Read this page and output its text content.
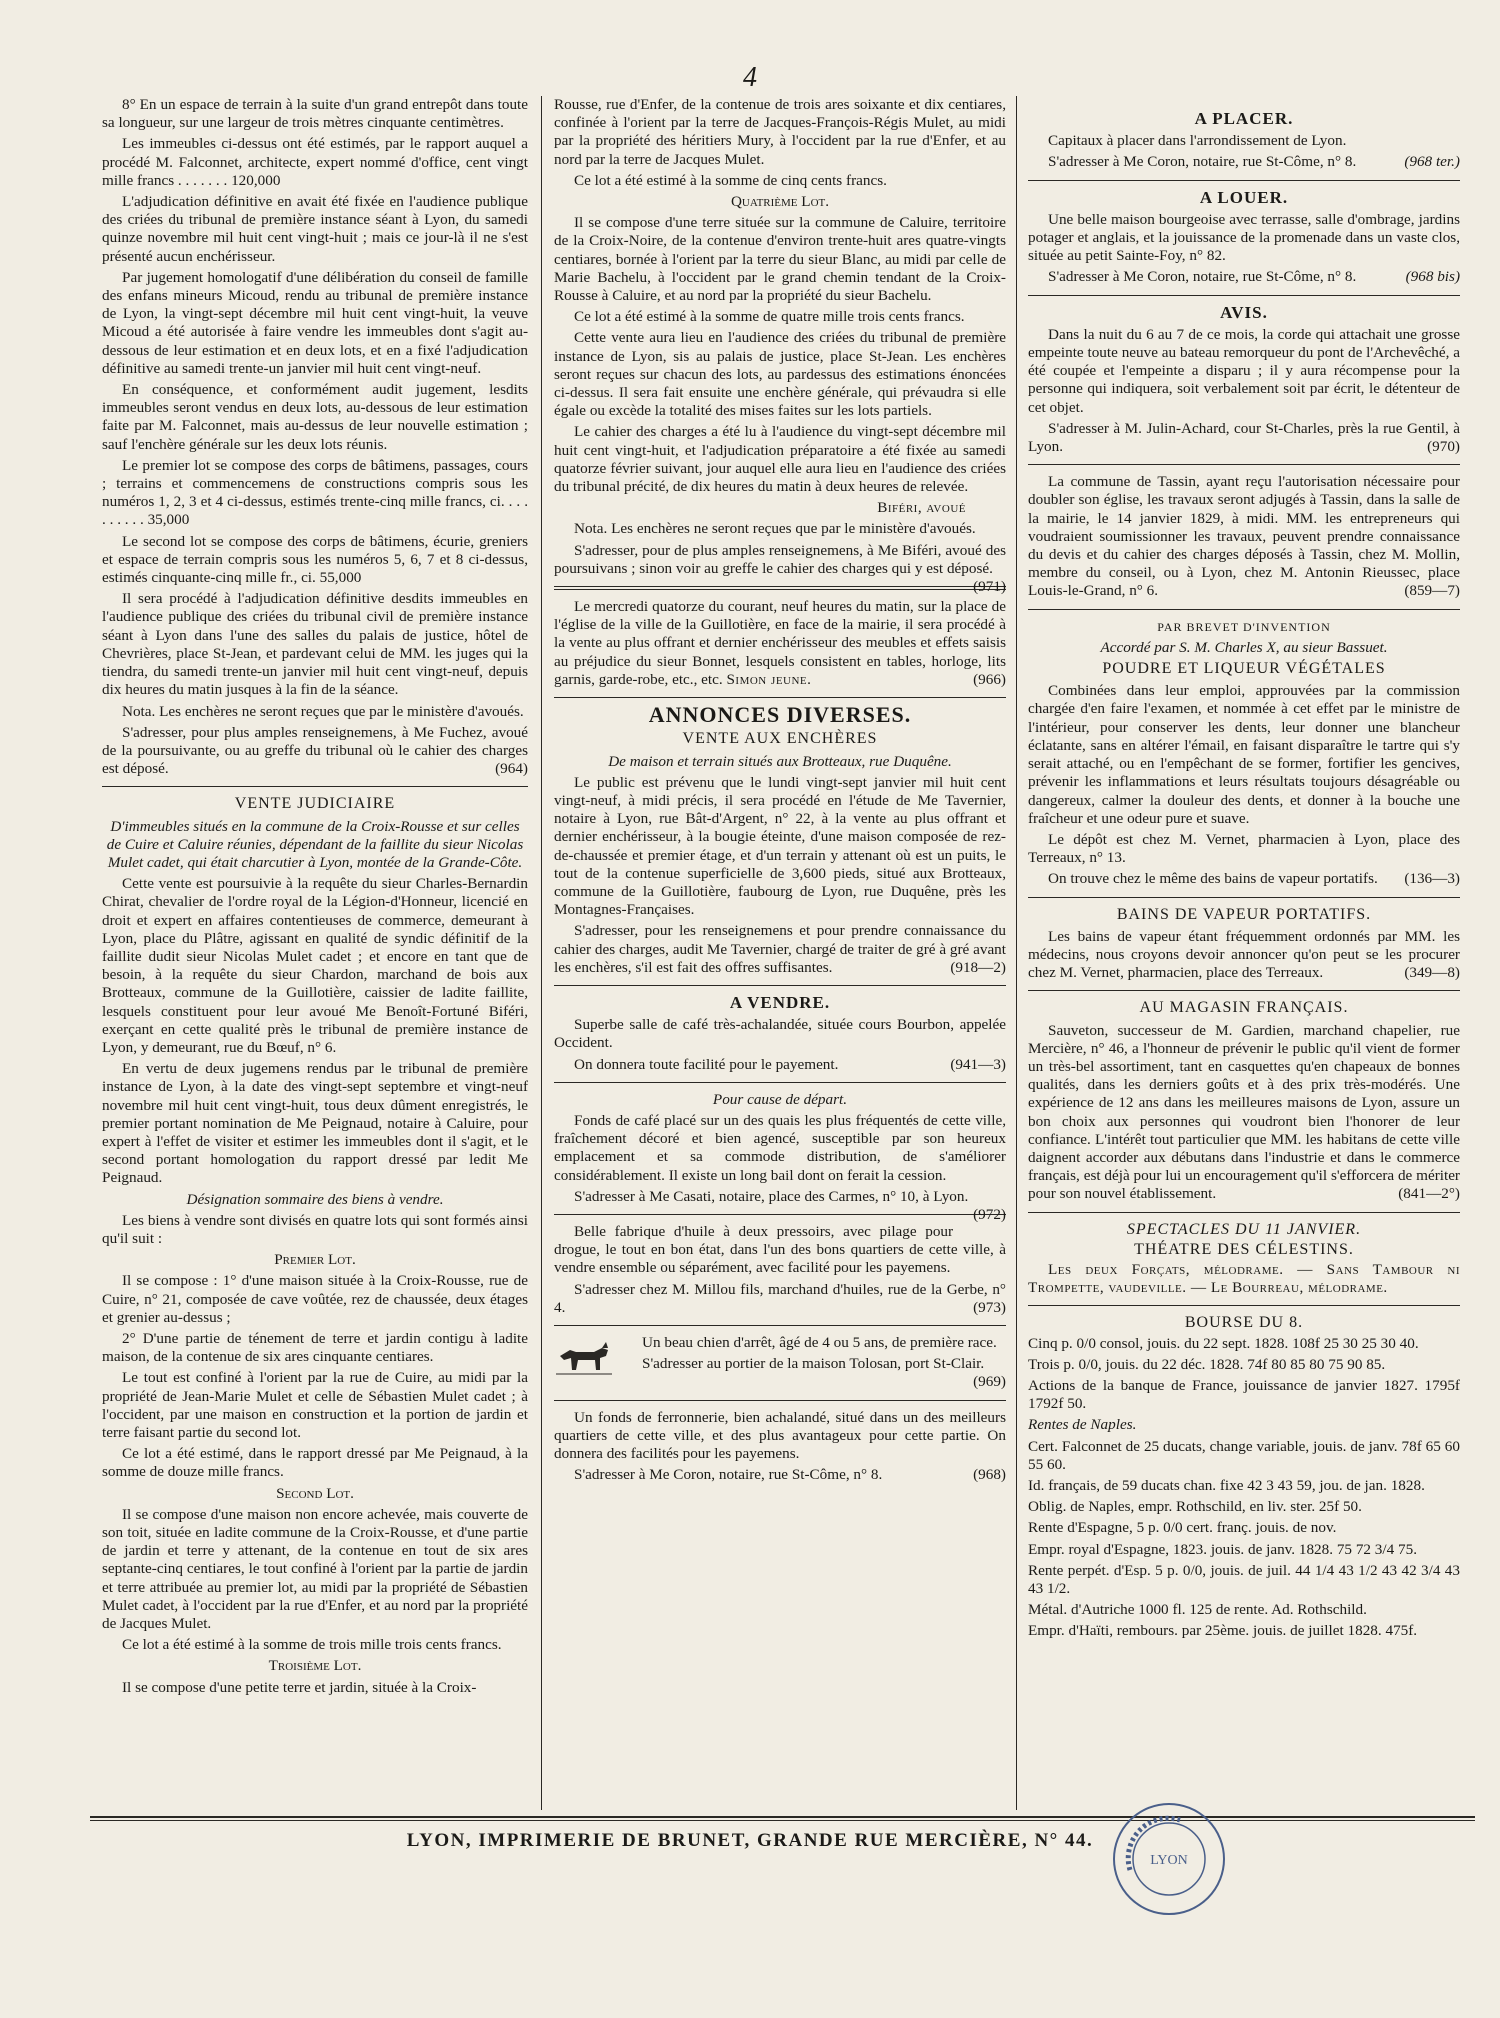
4

8° En un espace de terrain à la suite d'un grand entrepôt dans toute sa longueur, sur une largeur de trois mètres cinquante centimètres.

Les immeubles ci-dessus ont été estimés, par le rapport auquel a procédé M. Falconnet, architecte, expert nommé d'office, cent vingt mille francs . . . . . . . 120,000

L'adjudication définitive en avait été fixée en l'audience publique des criées du tribunal de première instance séant à Lyon, du samedi quinze novembre mil huit cent vingt-huit ; mais ce jour-là il ne s'est présenté aucun enchérisseur.

Par jugement homologatif d'une délibération du conseil de famille des enfans mineurs Micoud, rendu au tribunal de première instance de Lyon, la vingt-sept décembre mil huit cent vingt-huit, la veuve Micoud a été autorisée à faire vendre les immeubles dont s'agit au-dessous de leur estimation et en deux lots, et en a fixé l'adjudication définitive au samedi trente-un janvier mil huit cent vingt-neuf.

En conséquence, et conformément audit jugement, lesdits immeubles seront vendus en deux lots, au-dessous de leur estimation faite par M. Falconnet, mais au-dessus de leur nouvelle estimation ; sauf l'enchère générale sur les deux lots réunis.

Le premier lot se compose des corps de bâtimens, passages, cours ; terrains et commencemens de constructions compris sous les numéros 1, 2, 3 et 4 ci-dessus, estimés trente-cinq mille francs, ci. . . . . . . . . . 35,000

Le second lot se compose des corps de bâtimens, écurie, greniers et espace de terrain compris sous les numéros 5, 6, 7 et 8 ci-dessus, estimés cinquante-cinq mille fr., ci. 55,000

Il sera procédé à l'adjudication définitive desdits immeubles en l'audience publique des criées du tribunal civil de première instance séant à Lyon dans l'une des salles du palais de justice, hôtel de Chevrières, place St-Jean, et pardevant celui de MM. les juges qui la tiendra, du samedi trente-un janvier mil huit cent vingt-neuf, depuis dix heures du matin jusques à la fin de la séance.

Nota. Les enchères ne seront reçues que par le ministère d'avoués.

S'adresser, pour plus amples renseignemens, à Me Fuchez, avoué de la poursuivante, ou au greffe du tribunal où le cahier des charges est déposé.	(964)

VENTE JUDICIAIRE

D'immeubles situés en la commune de la Croix-Rousse et sur celles de Cuire et Caluire réunies, dépendant de la faillite du sieur Nicolas Mulet cadet, qui était charcutier à Lyon, montée de la Grande-Côte.

Cette vente est poursuivie à la requête du sieur Charles-Bernardin Chirat, chevalier de l'ordre royal de la Légion-d'Honneur, licencié en droit et expert en affaires contentieuses de commerce, demeurant à Lyon, place du Plâtre, agissant en qualité de syndic définitif de la faillite dudit sieur Nicolas Mulet cadet ; et encore en tant que de besoin, à la requête du sieur Chardon, marchand de bois aux Brotteaux, commune de la Guillotière, caissier de ladite faillite, lesquels constituent pour leur avoué Me Benoît-Fortuné Biféri, exerçant en cette qualité près le tribunal de première instance de Lyon, y demeurant, rue du Bœuf, n° 6.

En vertu de deux jugemens rendus par le tribunal de première instance de Lyon, à la date des vingt-sept septembre et vingt-neuf novembre mil huit cent vingt-huit, tous deux dûment enregistrés, le premier portant nomination de Me Peignaud, notaire à Caluire, pour expert à l'effet de visiter et estimer les immeubles dont il s'agit, et le second portant homologation du rapport dressé par ledit Me Peignaud.

Désignation sommaire des biens à vendre.

Les biens à vendre sont divisés en quatre lots qui sont formés ainsi qu'il suit :

Premier Lot.

Il se compose : 1° d'une maison située à la Croix-Rousse, rue de Cuire, n° 21, composée de cave voûtée, rez de chaussée, deux étages et grenier au-dessus ;

2° D'une partie de ténement de terre et jardin contigu à ladite maison, de la contenue de six ares cinquante centiares.

Le tout est confiné à l'orient par la rue de Cuire, au midi par la propriété de Jean-Marie Mulet et celle de Sébastien Mulet cadet ; à l'occident, par une maison en construction et la portion de jardin et terre faisant partie du second lot.

Ce lot a été estimé, dans le rapport dressé par Me Peignaud, à la somme de douze mille francs.

Second Lot.

Il se compose d'une maison non encore achevée, mais couverte de son toit, située en ladite commune de la Croix-Rousse, et d'une partie de jardin et terre y attenant, de la contenue en tout de six ares septante-cinq centiares, le tout confiné à l'orient par la partie de jardin et terre attribuée au premier lot, au midi par la propriété de Sébastien Mulet cadet, à l'occident par la rue d'Enfer, et au nord par la propriété de Jacques Mulet.

Ce lot a été estimé à la somme de trois mille trois cents francs.

Troisième Lot.

Il se compose d'une petite terre et jardin, située à la Croix-

Rousse, rue d'Enfer, de la contenue de trois ares soixante et dix centiares, confinée à l'orient par la terre de Jacques-François-Régis Mulet, au midi par la propriété des héritiers Mury, à l'occident par la rue d'Enfer, et au nord par la terre de Jacques Mulet.

Ce lot a été estimé à la somme de cinq cents francs.

Quatrième Lot.

Il se compose d'une terre située sur la commune de Caluire, territoire de la Croix-Noire, de la contenue d'environ trente-huit ares quatre-vingts centiares, bornée à l'orient par la terre du sieur Blanc, au midi par celle de Marie Bachelu, à l'occident par le grand chemin tendant de la Croix-Rousse à Caluire, et au nord par la propriété du sieur Bachelu.

Ce lot a été estimé à la somme de quatre mille trois cents francs.

Cette vente aura lieu en l'audience des criées du tribunal de première instance de Lyon, sis au palais de justice, place St-Jean. Les enchères seront reçues sur chacun des lots, au pardessus des estimations énoncées ci-dessus. Il sera fait ensuite une enchère générale, qui prévaudra si elle égale ou excède la totalité des mises faites sur les lots partiels.

Le cahier des charges a été lu à l'audience du vingt-sept décembre mil huit cent vingt-huit, et l'adjudication préparatoire a été fixée au samedi quatorze février suivant, jour auquel elle aura lieu en l'audience des criées du tribunal précité, de dix heures du matin à deux heures de relevée.

Biféri, avoué

Nota. Les enchères ne seront reçues que par le ministère d'avoués.

S'adresser, pour de plus amples renseignemens, à Me Biféri, avoué des poursuivans ; sinon voir au greffe le cahier des charges qui y est déposé.
(971)

Le mercredi quatorze du courant, neuf heures du matin, sur la place de l'église de la ville de la Guillotière, en face de la mairie, il sera procédé à la vente au plus offrant et dernier enchérisseur des meubles et effets saisis au préjudice du sieur Bonnet, lesquels consistent en tables, horloge, lits garnis, garde-robe, etc., etc. Simon jeune.	(966)

ANNONCES DIVERSES.
VENTE AUX ENCHÈRES

De maison et terrain situés aux Brotteaux, rue Duquêne.

Le public est prévenu que le lundi vingt-sept janvier mil huit cent vingt-neuf, à midi précis, il sera procédé en l'étude de Me Tavernier, notaire à Lyon, rue Bât-d'Argent, n° 22, à la vente au plus offrant et dernier enchérisseur, à la bougie éteinte, d'une maison composée de rez-de-chaussée et premier étage, et d'un terrain y attenant où est un puits, le tout de la contenue superficielle de 3,600 pieds, situé aux Brotteaux, commune de la Guillotière, faubourg de Lyon, rue Duquêne, près les Montagnes-Françaises.

S'adresser, pour les renseignemens et pour prendre connaissance du cahier des charges, audit Me Tavernier, chargé de traiter de gré à gré avant les enchères, s'il est fait des offres suffisantes.	(918—2)

A VENDRE.

Superbe salle de café très-achalandée, située cours Bourbon, appelée Occident.

On donnera toute facilité pour le payement.	(941—3)

Pour cause de départ.

Fonds de café placé sur un des quais les plus fréquentés de cette ville, fraîchement décoré et bien agencé, susceptible par son heureux emplacement et sa commode distribution, de s'améliorer considérablement. Il existe un long bail dont on ferait la cession.

S'adresser à Me Casati, notaire, place des Carmes, n° 10, à Lyon.
(972)

Belle fabrique d'huile à deux pressoirs, avec pilage pour drogue, le tout en bon état, dans l'un des bons quartiers de cette ville, à vendre ensemble ou séparément, avec facilité pour les payemens.

S'adresser chez M. Millou fils, marchand d'huiles, rue de la Gerbe, n° 4.	(973)

Un beau chien d'arrêt, âgé de 4 ou 5 ans, de première race.

S'adresser au portier de la maison Tolosan, port St-Clair.
(969)

Un fonds de ferronnerie, bien achalandé, situé dans un des meilleurs quartiers de cette ville, et des plus avantageux pour cette partie. On donnera des facilités pour les payemens.

S'adresser à Me Coron, notaire, rue St-Côme, n° 8.	(968)

A PLACER.

Capitaux à placer dans l'arrondissement de Lyon.

S'adresser à Me Coron, notaire, rue St-Côme, n° 8.	(968 ter.)

A LOUER.

Une belle maison bourgeoise avec terrasse, salle d'ombrage, jardins potager et anglais, et la jouissance de la promenade dans un vaste clos, située au petit Sainte-Foy, n° 82.

S'adresser à Me Coron, notaire, rue St-Côme, n° 8.	(968 bis)

AVIS.

Dans la nuit du 6 au 7 de ce mois, la corde qui attachait une grosse empeinte toute neuve au bateau remorqueur du pont de l'Archevêché, a été coupée et l'empeinte a disparu ; il y aura récompense pour la personne qui indiquera, soit verbalement soit par écrit, le détenteur de cet objet.

S'adresser à M. Julin-Achard, cour St-Charles, près la rue Gentil, à Lyon.	(970)

La commune de Tassin, ayant reçu l'autorisation nécessaire pour doubler son église, les travaux seront adjugés à Tassin, dans la salle de la mairie, le 14 janvier 1829, à midi. MM. les entrepreneurs qui voudraient soumissionner les travaux, peuvent prendre connaissance du devis et du cahier des charges déposés à Tassin, chez M. Mollin, membre du conseil, ou à Lyon, chez M. Antonin Rieussec, place Louis-le-Grand, n° 6.	(859—7)

PAR BREVET D'INVENTION

Accordé par S. M. Charles X, au sieur Bassuet.

POUDRE ET LIQUEUR VÉGÉTALES

Combinées dans leur emploi, approuvées par la commission chargée d'en faire l'examen, et nommée à cet effet par le ministre de l'intérieur, pour conserver les dents, leur donner une blancheur éclatante, sans en altérer l'émail, en faisant disparaître le tartre qui s'y serait attaché, ou en l'empêchant de se former, fortifier les gencives, prévenir les inflammations et leurs résultats toujours désagréable ou dangereux, calmer la douleur des dents, et donner à la bouche une fraîcheur et une odeur pure et suave.

Le dépôt est chez M. Vernet, pharmacien à Lyon, place des Terreaux, n° 13.

On trouve chez le même des bains de vapeur portatifs.	(136—3)

BAINS DE VAPEUR PORTATIFS.

Les bains de vapeur étant fréquemment ordonnés par MM. les médecins, nous croyons devoir annoncer qu'on peut se les procurer chez M. Vernet, pharmacien, place des Terreaux.	(349—8)

AU MAGASIN FRANÇAIS.

Sauveton, successeur de M. Gardien, marchand chapelier, rue Mercière, n° 46, a l'honneur de prévenir le public qu'il vient de former un très-bel assortiment, tant en casquettes qu'en chapeaux de bonnes qualités, dans les derniers goûts et à des prix très-modérés. Une expérience de 12 ans dans les meilleures maisons de Lyon, assure un bon choix aux personnes qui voudront bien l'honorer de leur confiance. L'intérêt tout particulier que MM. les habitans de cette ville daignent accorder aux débutans dans l'industrie et dans le commerce français, est déjà pour lui un encouragement qu'il s'efforcera de mériter pour son nouvel établissement.	(841—2°)

SPECTACLES DU 11 JANVIER.
THÉATRE DES CÉLESTINS.

Les deux Forçats, mélodrame. — Sans Tambour ni Trompette, vaudeville. — Le Bourreau, mélodrame.

BOURSE DU 8.

Cinq p. 0/0 consol, jouis. du 22 sept. 1828. 108f 25 30 25 30 40.

Trois p. 0/0, jouis. du 22 déc. 1828. 74f 80 85 80 75 90 85.

Actions de la banque de France, jouissance de janvier 1827. 1795f 1792f 50.

Rentes de Naples.

Cert. Falconnet de 25 ducats, change variable, jouis. de janv. 78f 65 60 55 60.

Id. français, de 59 ducats chan. fixe 42 3 43 59, jou. de jan. 1828.

Oblig. de Naples, empr. Rothschild, en liv. ster. 25f 50.

Rente d'Espagne, 5 p. 0/0 cert. franç. jouis. de nov.

Empr. royal d'Espagne, 1823. jouis. de janv. 1828. 75 72 3/4 75.

Rente perpét. d'Esp. 5 p. 0/0, jouis. de juil. 44 1/4 43 1/2 43 42 3/4 43 43 1/2.

Métal. d'Autriche 1000 fl. 125 de rente. Ad. Rothschild.

Empr. d'Haïti, rembours. par 25ème. jouis. de juillet 1828. 475f.

LYON, IMPRIMERIE DE BRUNET, GRANDE RUE MERCIÈRE, N° 44.
LYON
